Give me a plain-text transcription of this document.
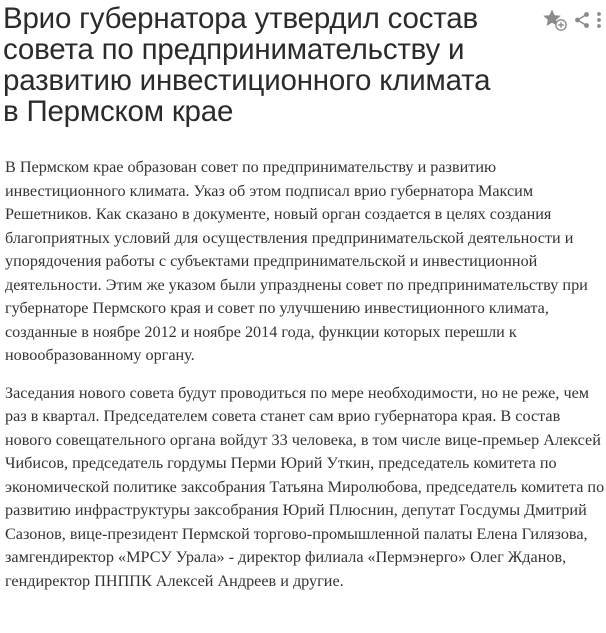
Врио губернатора утвердил состав совета по предпринимательству и развитию инвестиционного климата в Пермском крае

В Пермском крае образован совет по предпринимательству и развитию инвестиционного климата. Указ об этом подписал врио губернатора Максим Решетников. Как сказано в документе, новый орган создается в целях создания благоприятных условий для осуществления предпринимательской деятельности и упорядочения работы с субъектами предпринимательской и инвестиционной деятельности. Этим же указом были упразднены совет по предпринимательству при губернаторе Пермского края и совет по улучшению инвестиционного климата, созданные в ноябре 2012 и ноябре 2014 года, функции которых перешли к новообразованному органу.

Заседания нового совета будут проводиться по мере необходимости, но не реже, чем раз в квартал. Председателем совета станет сам врио губернатора края. В состав нового совещательного органа войдут 33 человека, в том числе вице-премьер Алексей Чибисов, председатель гордумы Перми Юрий Уткин, председатель комитета по экономической политике заксобрания Татьяна Миролюбова, председатель комитета по развитию инфраструктуры заксобрания Юрий Плюснин, депутат Госдумы Дмитрий Сазонов, вице-президент Пермской торгово-промышленной палаты Елена Гилязова, замгендиректор «МРСУ Урала» - директор филиала «Пермэнерго» Олег Жданов, гендиректор ПНППК Алексей Андреев и другие.
